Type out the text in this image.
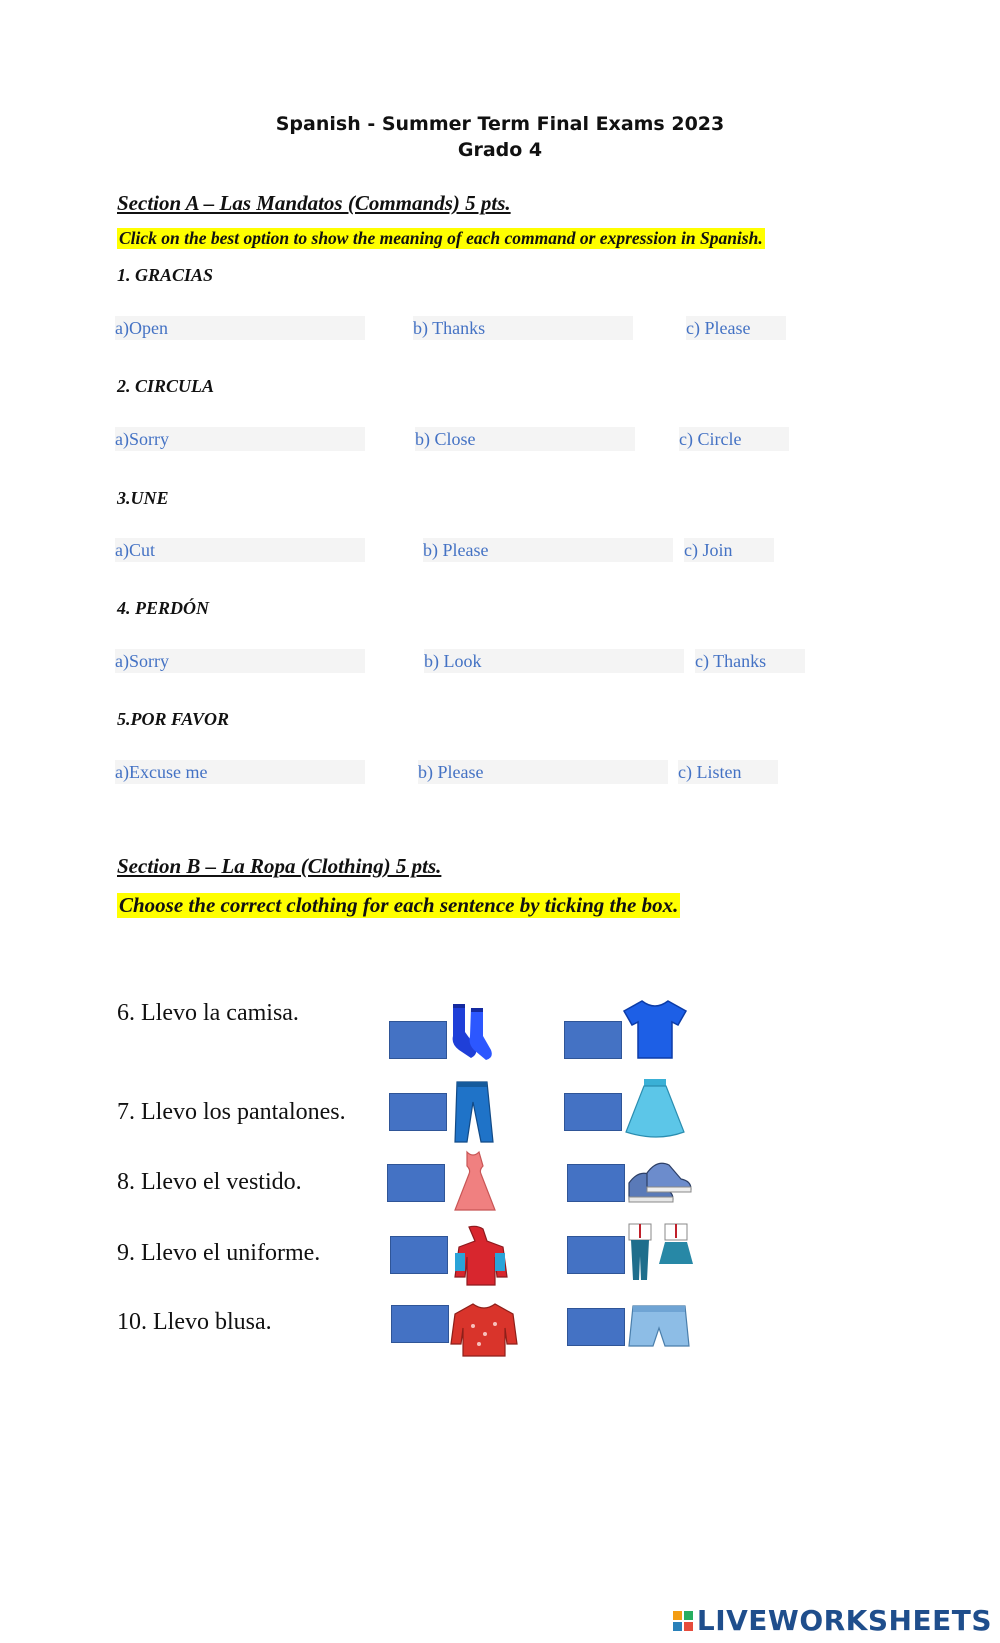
Spanish - Summer Term Final Exams 2023
Grado 4
Section A – Las Mandatos (Commands) 5 pts.
Click on the best option to show the meaning of each command or expression in Spanish.
1. GRACIAS
a)Open	b) Thanks	c) Please
2. CIRCULA
a)Sorry	b) Close	c) Circle
3.UNE
a)Cut	b) Please	c) Join
4. PERDÓN
a)Sorry	b) Look	c) Thanks
5.POR FAVOR
a)Excuse me	b) Please	c) Listen
Section B – La Ropa (Clothing) 5 pts.
Choose the correct clothing for each sentence by ticking the box.
6. Llevo la camisa.
7. Llevo los pantalones.
8. Llevo el vestido.
9. Llevo el uniforme.
10. Llevo blusa.
LIVEWORKSHEETS
